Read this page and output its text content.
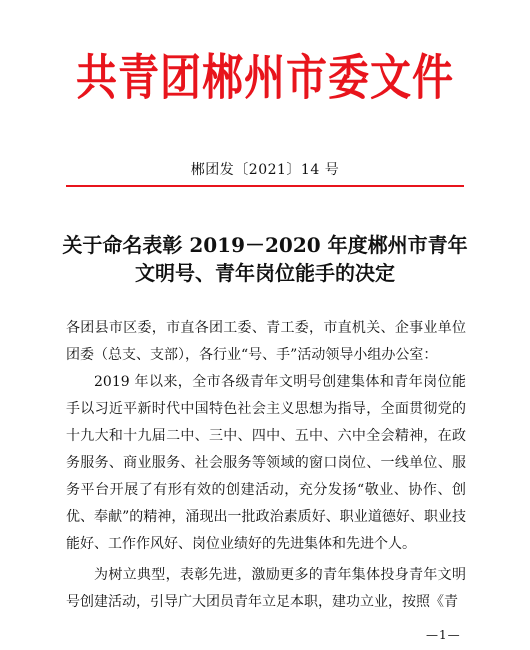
共青团郴州市委文件
郴团发〔2021〕14 号
关于命名表彰 2019－2020 年度郴州市青年
文明号、青年岗位能手的决定

各团县市区委，市直各团工委、青工委，市直机关、企事业单位团委（总支、支部），各行业“号、手”活动领导小组办公室：

2019 年以来，全市各级青年文明号创建集体和青年岗位能手以习近平新时代中国特色社会主义思想为指导，全面贯彻党的十九大和十九届二中、三中、四中、五中、六中全会精神，在政务服务、商业服务、社会服务等领域的窗口岗位、一线单位、服务平台开展了有形有效的创建活动，充分发扬“敬业、协作、创优、奉献”的精神，涌现出一批政治素质好、职业道德好、职业技能好、工作作风好、岗位业绩好的先进集体和先进个人。

为树立典型，表彰先进，激励更多的青年集体投身青年文明号创建活动，引导广大团员青年立足本职，建功立业，按照《青

—1—
